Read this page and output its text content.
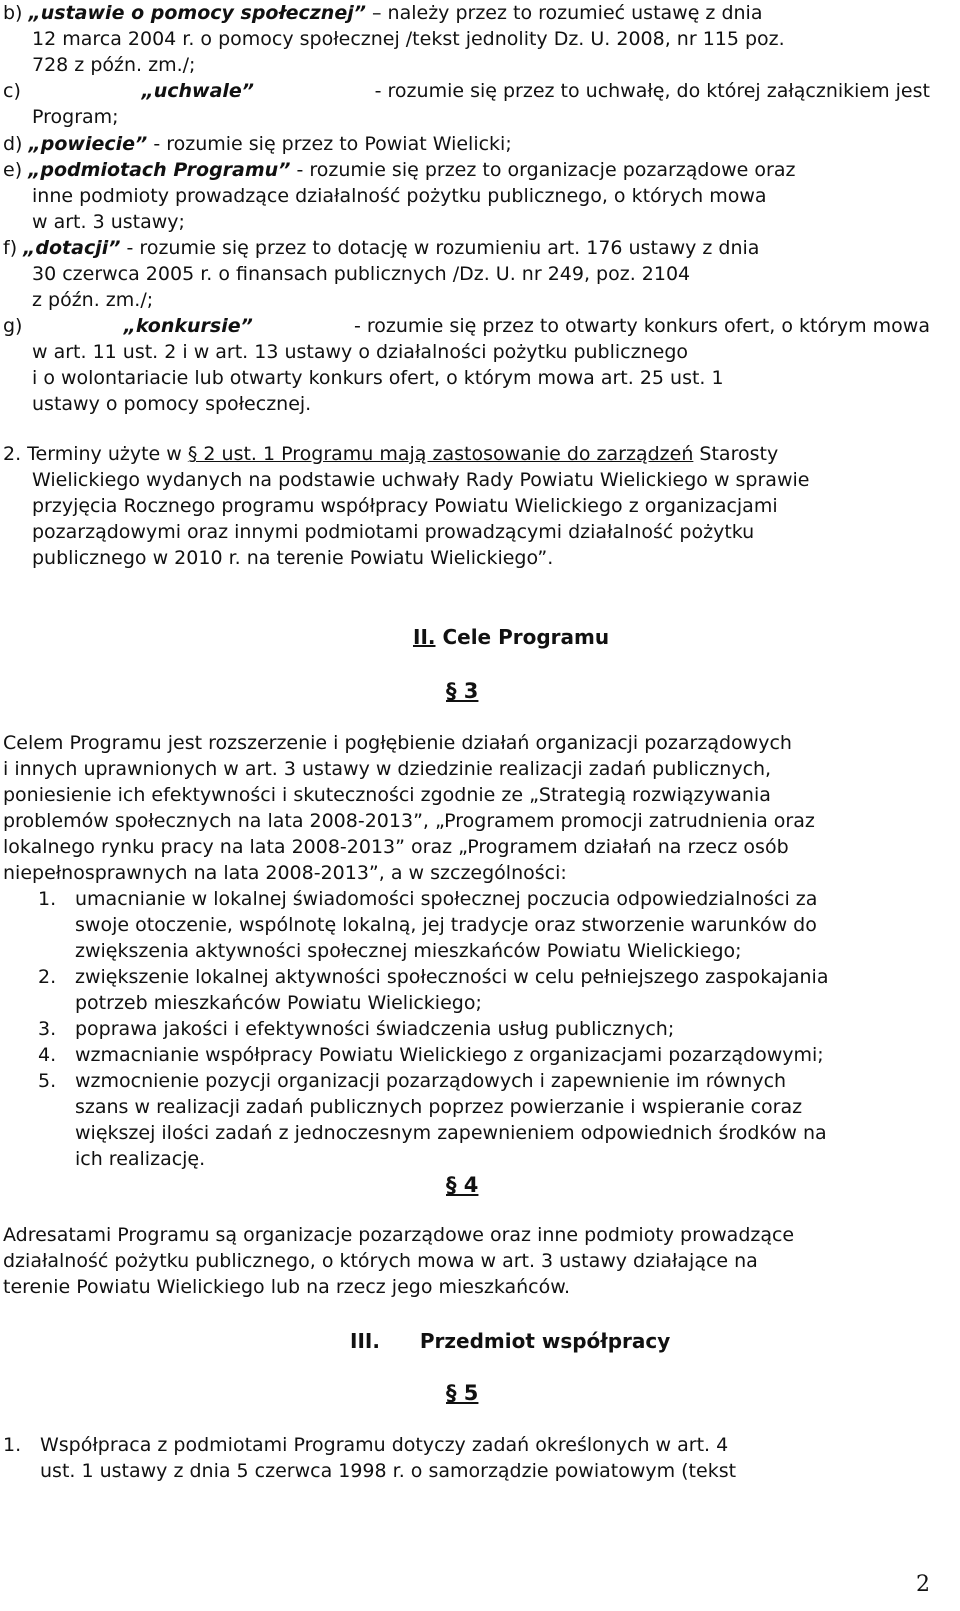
b) „ustawie o pomocy społecznej” – należy przez to rozumieć ustawę z dnia
12 marca 2004 r. o pomocy społecznej /tekst jednolity Dz. U. 2008, nr 115 poz.
728 z późn. zm./;
c)	„uchwale”	- rozumie się przez to uchwałę, do której załącznikiem jest
Program;
d) „powiecie” - rozumie się przez to Powiat Wielicki;
e) „podmiotach Programu” - rozumie się przez to organizacje pozarządowe oraz
inne podmioty prowadzące działalność pożytku publicznego, o których mowa
w art. 3 ustawy;
f) „dotacji” - rozumie się przez to dotację w rozumieniu art. 176 ustawy z dnia
30 czerwca 2005 r. o finansach publicznych /Dz. U. nr 249, poz. 2104
z późn. zm./;
g)	„konkursie”	- rozumie się przez to otwarty konkurs ofert, o którym mowa
w art. 11 ust. 2 i w art. 13 ustawy o działalności pożytku publicznego
i o wolontariacie lub otwarty konkurs ofert, o którym mowa art. 25 ust. 1
ustawy o pomocy społecznej.
2. Terminy użyte w § 2 ust. 1 Programu mają zastosowanie do zarządzeń Starosty
Wielickiego wydanych na podstawie uchwały Rady Powiatu Wielickiego w sprawie
przyjęcia Rocznego programu współpracy Powiatu Wielickiego z organizacjami
pozarządowymi oraz innymi podmiotami prowadzącymi działalność pożytku
publicznego w 2010 r. na terenie Powiatu Wielickiego”.
II. Cele Programu
§ 3
Celem Programu jest rozszerzenie i pogłębienie działań organizacji pozarządowych
i innych uprawnionych w art. 3 ustawy w dziedzinie realizacji zadań publicznych,
poniesienie ich efektywności i skuteczności zgodnie ze „Strategią rozwiązywania
problemów społecznych na lata 2008-2013”, „Programem promocji zatrudnienia oraz
lokalnego rynku pracy na lata 2008-2013” oraz „Programem działań na rzecz osób
niepełnosprawnych na lata 2008-2013”, a w szczególności:
1. umacnianie w lokalnej świadomości społecznej poczucia odpowiedzialności za
swoje otoczenie, wspólnotę lokalną, jej tradycje oraz stworzenie warunków do
zwiększenia aktywności społecznej mieszkańców Powiatu Wielickiego;
2. zwiększenie lokalnej aktywności społeczności w celu pełniejszego zaspokajania
potrzeb mieszkańców Powiatu Wielickiego;
3. poprawa jakości i efektywności świadczenia usług publicznych;
4. wzmacnianie współpracy Powiatu Wielickiego z organizacjami pozarządowymi;
5. wzmocnienie pozycji organizacji pozarządowych i zapewnienie im równych
szans w realizacji zadań publicznych poprzez powierzanie i wspieranie coraz
większej ilości zadań z jednoczesnym zapewnieniem odpowiednich środków na
ich realizację.
§ 4
Adresatami Programu są organizacje pozarządowe oraz inne podmioty prowadzące
działalność pożytku publicznego, o których mowa w art. 3 ustawy działające na
terenie Powiatu Wielickiego lub na rzecz jego mieszkańców.
III. Przedmiot współpracy
§ 5
1. Współpraca z podmiotami Programu dotyczy zadań określonych w art. 4
ust. 1 ustawy z dnia 5 czerwca 1998 r. o samorządzie powiatowym (tekst
2
